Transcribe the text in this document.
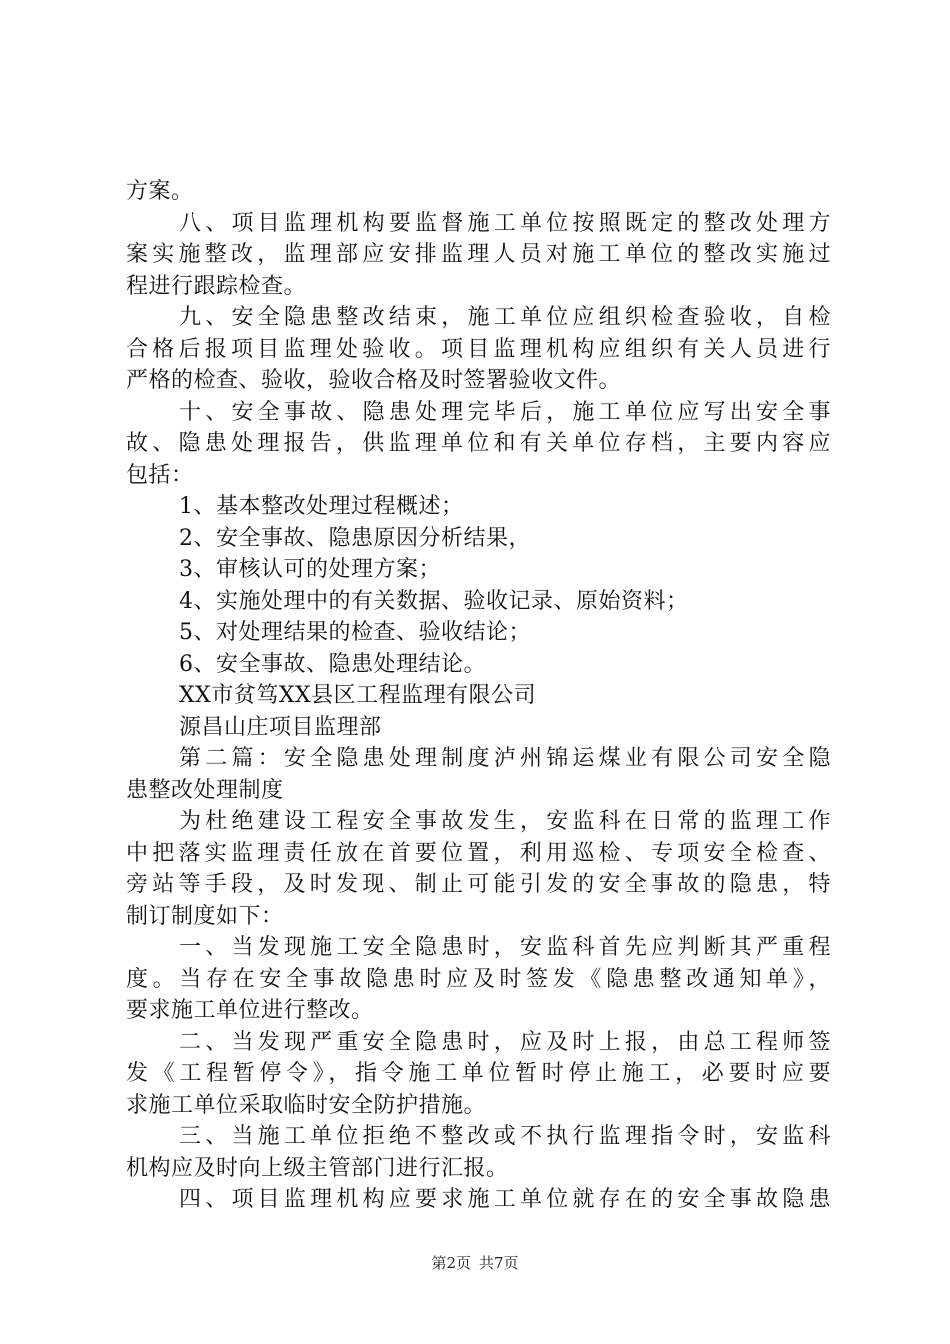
方案。
八、项目监理机构要监督施工单位按照既定的整改处理方
案实施整改，监理部应安排监理人员对施工单位的整改实施过
程进行跟踪检查。
九、安全隐患整改结束，施工单位应组织检查验收，自检
合格后报项目监理处验收。项目监理机构应组织有关人员进行
严格的检查、验收，验收合格及时签署验收文件。
十、安全事故、隐患处理完毕后，施工单位应写出安全事
故、隐患处理报告，供监理单位和有关单位存档，主要内容应
包括：
1、基本整改处理过程概述；
2、安全事故、隐患原因分析结果，
3、审核认可的处理方案；
4、实施处理中的有关数据、验收记录、原始资料；
5、对处理结果的检查、验收结论；
6、安全事故、隐患处理结论。
XX市贫笃XX县区工程监理有限公司
源昌山庄项目监理部
第二篇：安全隐患处理制度泸州锦运煤业有限公司安全隐
患整改处理制度
为杜绝建设工程安全事故发生，安监科在日常的监理工作
中把落实监理责任放在首要位置，利用巡检、专项安全检查、
旁站等手段，及时发现、制止可能引发的安全事故的隐患，特
制订制度如下：
一、当发现施工安全隐患时，安监科首先应判断其严重程
度。当存在安全事故隐患时应及时签发《隐患整改通知单》，
要求施工单位进行整改。
二、当发现严重安全隐患时，应及时上报，由总工程师签
发《工程暂停令》，指令施工单位暂时停止施工，必要时应要
求施工单位采取临时安全防护措施。
三、当施工单位拒绝不整改或不执行监理指令时，安监科
机构应及时向上级主管部门进行汇报。
四、项目监理机构应要求施工单位就存在的安全事故隐患
第2页 共7页
